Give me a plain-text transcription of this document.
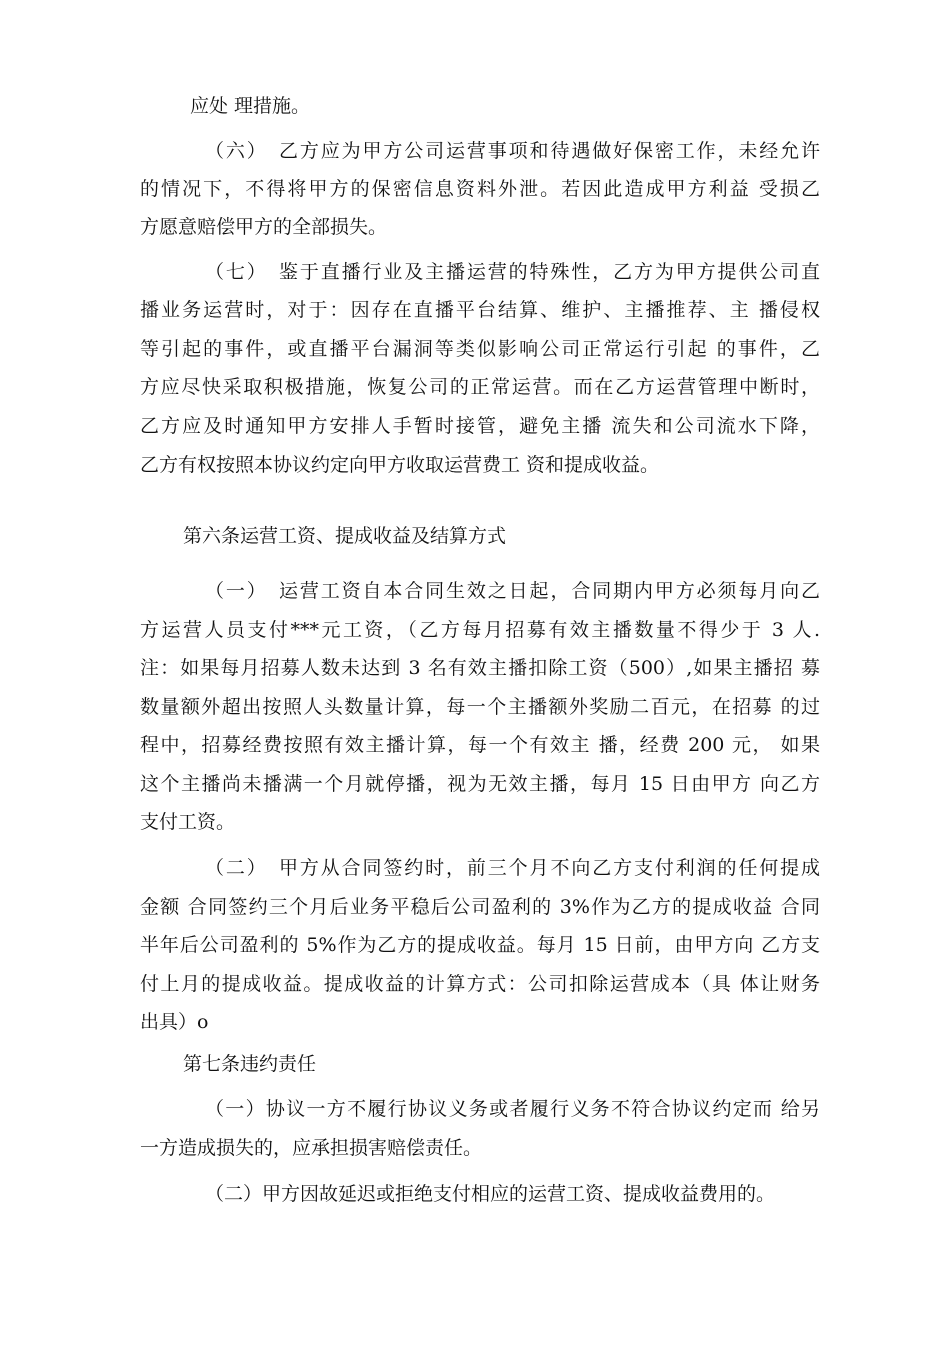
应处 理措施。
（六）　乙方应为甲方公司运营事项和待遇做好保密工作，未经允许
的情况下，不得将甲方的保密信息资料外泄。若因此造成甲方利益 受损乙
方愿意赔偿甲方的全部损失。
（七）　鉴于直播行业及主播运营的特殊性，乙方为甲方提供公司直
播业务运营时，对于：因存在直播平台结算、维护、主播推荐、主 播侵权
等引起的事件，或直播平台漏洞等类似影响公司正常运行引起 的事件，乙
方应尽快采取积极措施，恢复公司的正常运营。而在乙方运营管理中断时，
乙方应及时通知甲方安排人手暂时接管，避免主播 流失和公司流水下降，
乙方有权按照本协议约定向甲方收取运营费工 资和提成收益。
第六条运营工资、提成收益及结算方式
（一）　运营工资自本合同生效之日起，合同期内甲方必须每月向乙
方运营人员支付***元工资，（乙方每月招募有效主播数量不得少于 3 人.
注：如果每月招募人数未达到 3 名有效主播扣除工资（500）,如果主播招 募
数量额外超出按照人头数量计算，每一个主播额外奖励二百元，在招募 的过
程中，招募经费按照有效主播计算，每一个有效主 播，经费 200 元， 如果
这个主播尚未播满一个月就停播，视为无效主播，每月 15 日由甲方 向乙方
支付工资。
（二）　甲方从合同签约时，前三个月不向乙方支付利润的任何提成
金额 合同签约三个月后业务平稳后公司盈利的 3%作为乙方的提成收益 合同
半年后公司盈利的 5%作为乙方的提成收益。每月 15 日前，由甲方向 乙方支
付上月的提成收益。提成收益的计算方式：公司扣除运营成本（具 体让财务
出具）o
第七条违约责任
（一）协议一方不履行协议义务或者履行义务不符合协议约定而 给另
一方造成损失的，应承担损害赔偿责任。
（二）甲方因故延迟或拒绝支付相应的运营工资、提成收益费用的。
